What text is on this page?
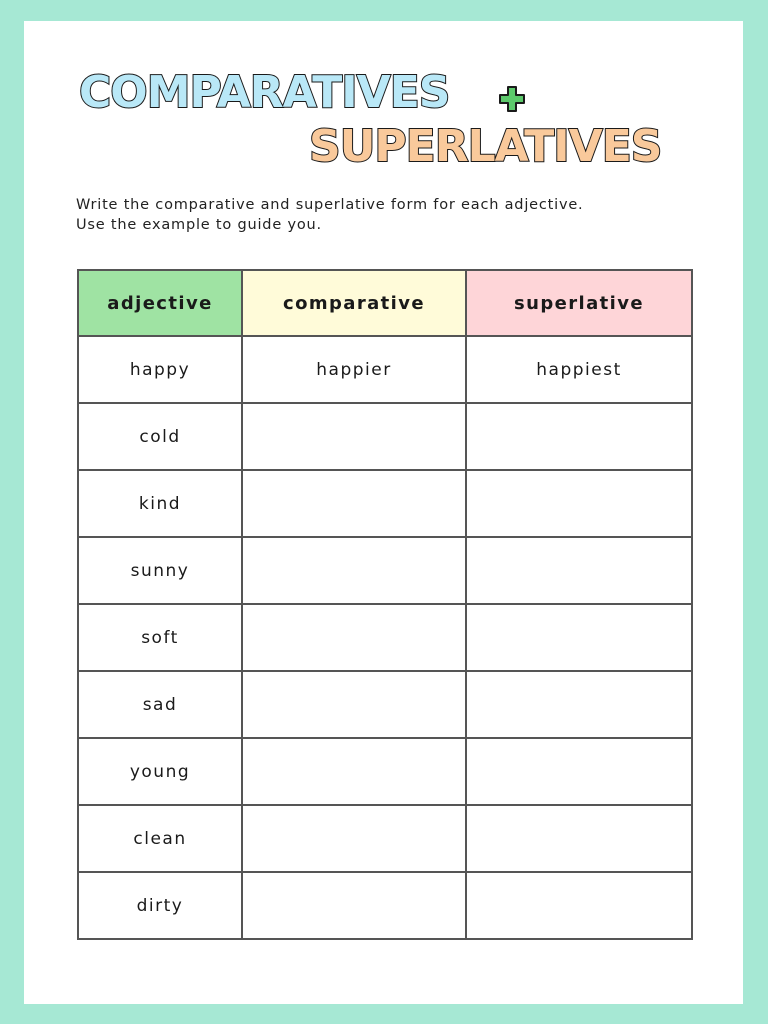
COMPARATIVES
SUPERLATIVES
Write the comparative and superlative form for each adjective.
Use the example to guide you.
adjective	comparative	superlative
happy	happier	happiest
cold		
kind		
sunny		
soft		
sad		
young		
clean		
dirty		
